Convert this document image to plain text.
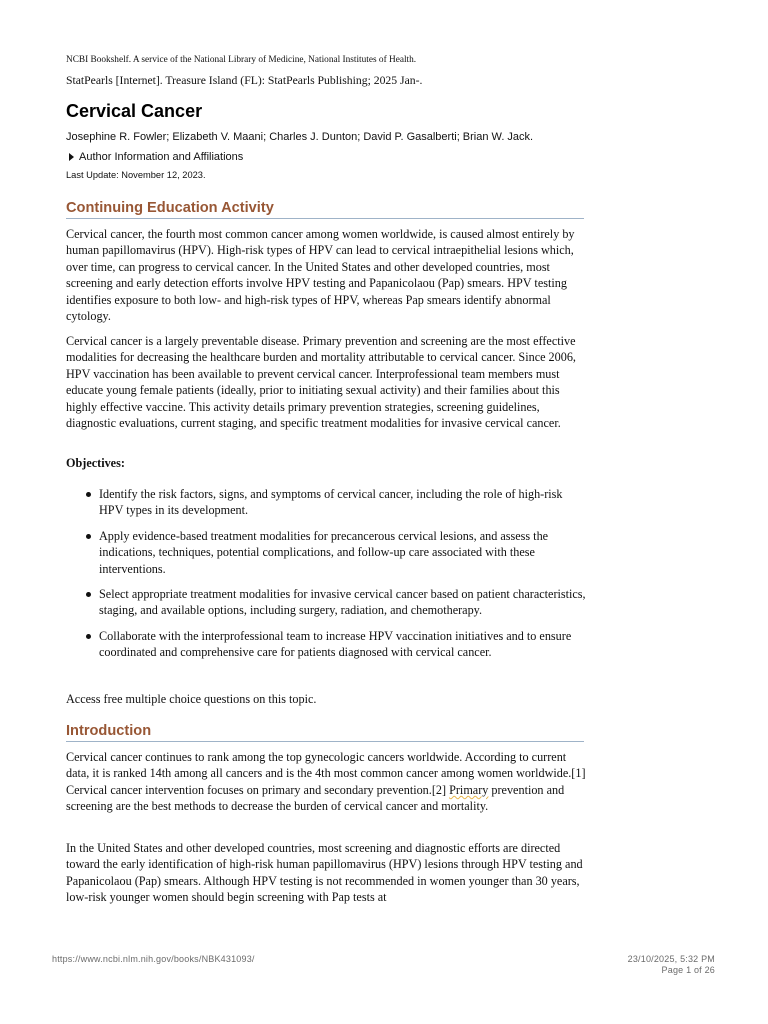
NCBI Bookshelf. A service of the National Library of Medicine, National Institutes of Health.
StatPearls [Internet]. Treasure Island (FL): StatPearls Publishing; 2025 Jan-.
Cervical Cancer
Josephine R. Fowler; Elizabeth V. Maani; Charles J. Dunton; David P. Gasalberti; Brian W. Jack.
Author Information and Affiliations
Last Update: November 12, 2023.
Continuing Education Activity

Cervical cancer, the fourth most common cancer among women worldwide, is caused almost entirely by human papillomavirus (HPV). High-risk types of HPV can lead to cervical intraepithelial lesions which, over time, can progress to cervical cancer. In the United States and other developed countries, most screening and early detection efforts involve HPV testing and Papanicolaou (Pap) smears. HPV testing identifies exposure to both low- and high-risk types of HPV, whereas Pap smears identify abnormal cytology.

Cervical cancer is a largely preventable disease. Primary prevention and screening are the most effective modalities for decreasing the healthcare burden and mortality attributable to cervical cancer. Since 2006, HPV vaccination has been available to prevent cervical cancer. Interprofessional team members must educate young female patients (ideally, prior to initiating sexual activity) and their families about this highly effective vaccine. This activity details primary prevention strategies, screening guidelines, diagnostic evaluations, current staging, and specific treatment modalities for invasive cervical cancer.

Objectives:
Identify the risk factors, signs, and symptoms of cervical cancer, including the role of high-risk HPV types in its development.
Apply evidence-based treatment modalities for precancerous cervical lesions, and assess the indications, techniques, potential complications, and follow-up care associated with these interventions.
Select appropriate treatment modalities for invasive cervical cancer based on patient characteristics, staging, and available options, including surgery, radiation, and chemotherapy.
Collaborate with the interprofessional team to increase HPV vaccination initiatives and to ensure coordinated and comprehensive care for patients diagnosed with cervical cancer.
Access free multiple choice questions on this topic.
Introduction

Cervical cancer continues to rank among the top gynecologic cancers worldwide. According to current data, it is ranked 14th among all cancers and is the 4th most common cancer among women worldwide.[1] Cervical cancer intervention focuses on primary and secondary prevention.[2] Primary prevention and screening are the best methods to decrease the burden of cervical cancer and mortality.

In the United States and other developed countries, most screening and diagnostic efforts are directed toward the early identification of high-risk human papillomavirus (HPV) lesions through HPV testing and Papanicolaou (Pap) smears. Although HPV testing is not recommended in women younger than 30 years, low-risk younger women should begin screening with Pap tests at

https://www.ncbi.nlm.nih.gov/books/NBK431093/	23/10/2025, 5:32 PM
Page 1 of 26
